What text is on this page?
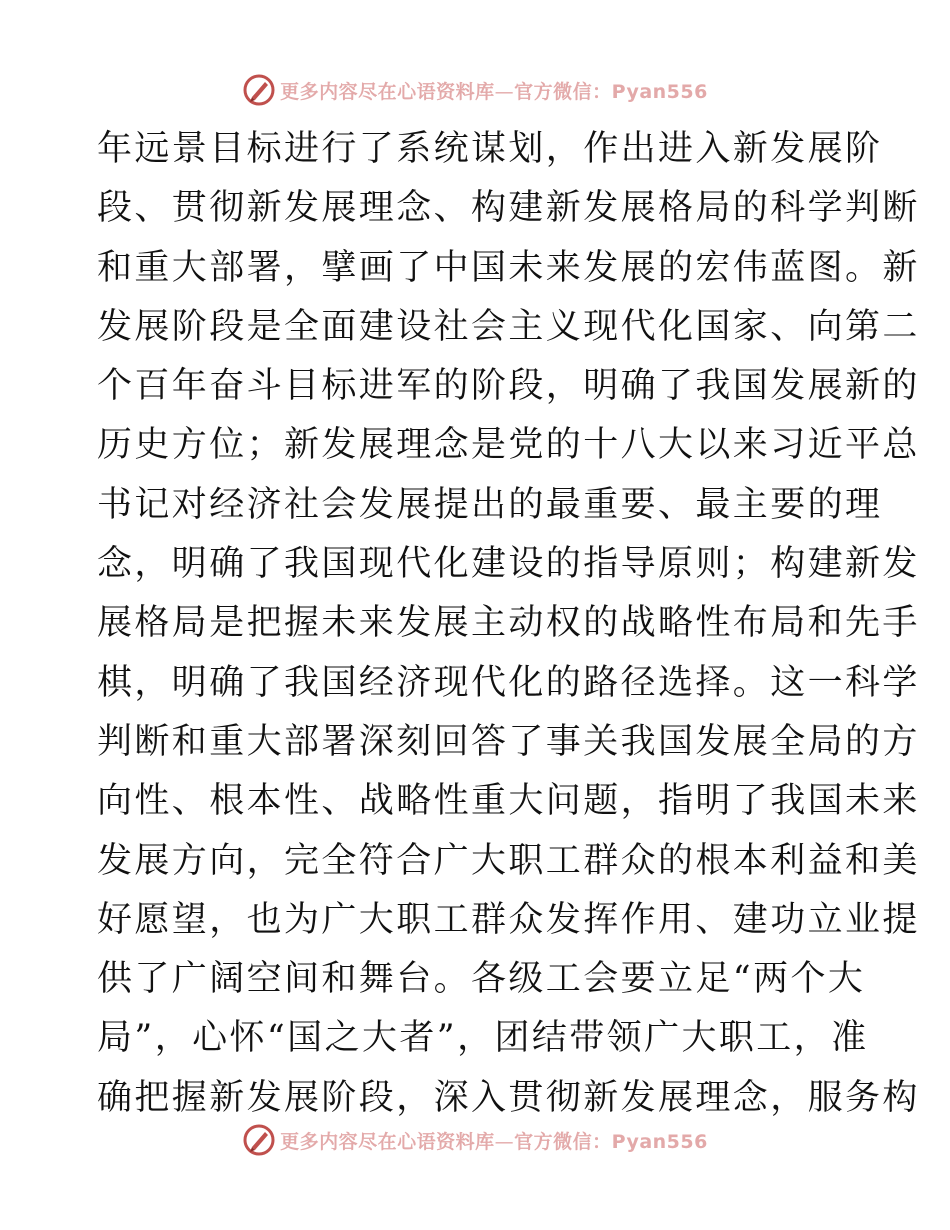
更多内容尽在心语资料库—官方微信：Pyan556
年远景目标进行了系统谋划，作出进入新发展阶
段、贯彻新发展理念、构建新发展格局的科学判断
和重大部署，擘画了中国未来发展的宏伟蓝图。新
发展阶段是全面建设社会主义现代化国家、向第二
个百年奋斗目标进军的阶段，明确了我国发展新的
历史方位；新发展理念是党的十八大以来习近平总
书记对经济社会发展提出的最重要、最主要的理
念，明确了我国现代化建设的指导原则；构建新发
展格局是把握未来发展主动权的战略性布局和先手
棋，明确了我国经济现代化的路径选择。这一科学
判断和重大部署深刻回答了事关我国发展全局的方
向性、根本性、战略性重大问题，指明了我国未来
发展方向，完全符合广大职工群众的根本利益和美
好愿望，也为广大职工群众发挥作用、建功立业提
供了广阔空间和舞台。各级工会要立足“两个大
局”，心怀“国之大者”，团结带领广大职工，准
确把握新发展阶段，深入贯彻新发展理念，服务构
更多内容尽在心语资料库—官方微信：Pyan556
